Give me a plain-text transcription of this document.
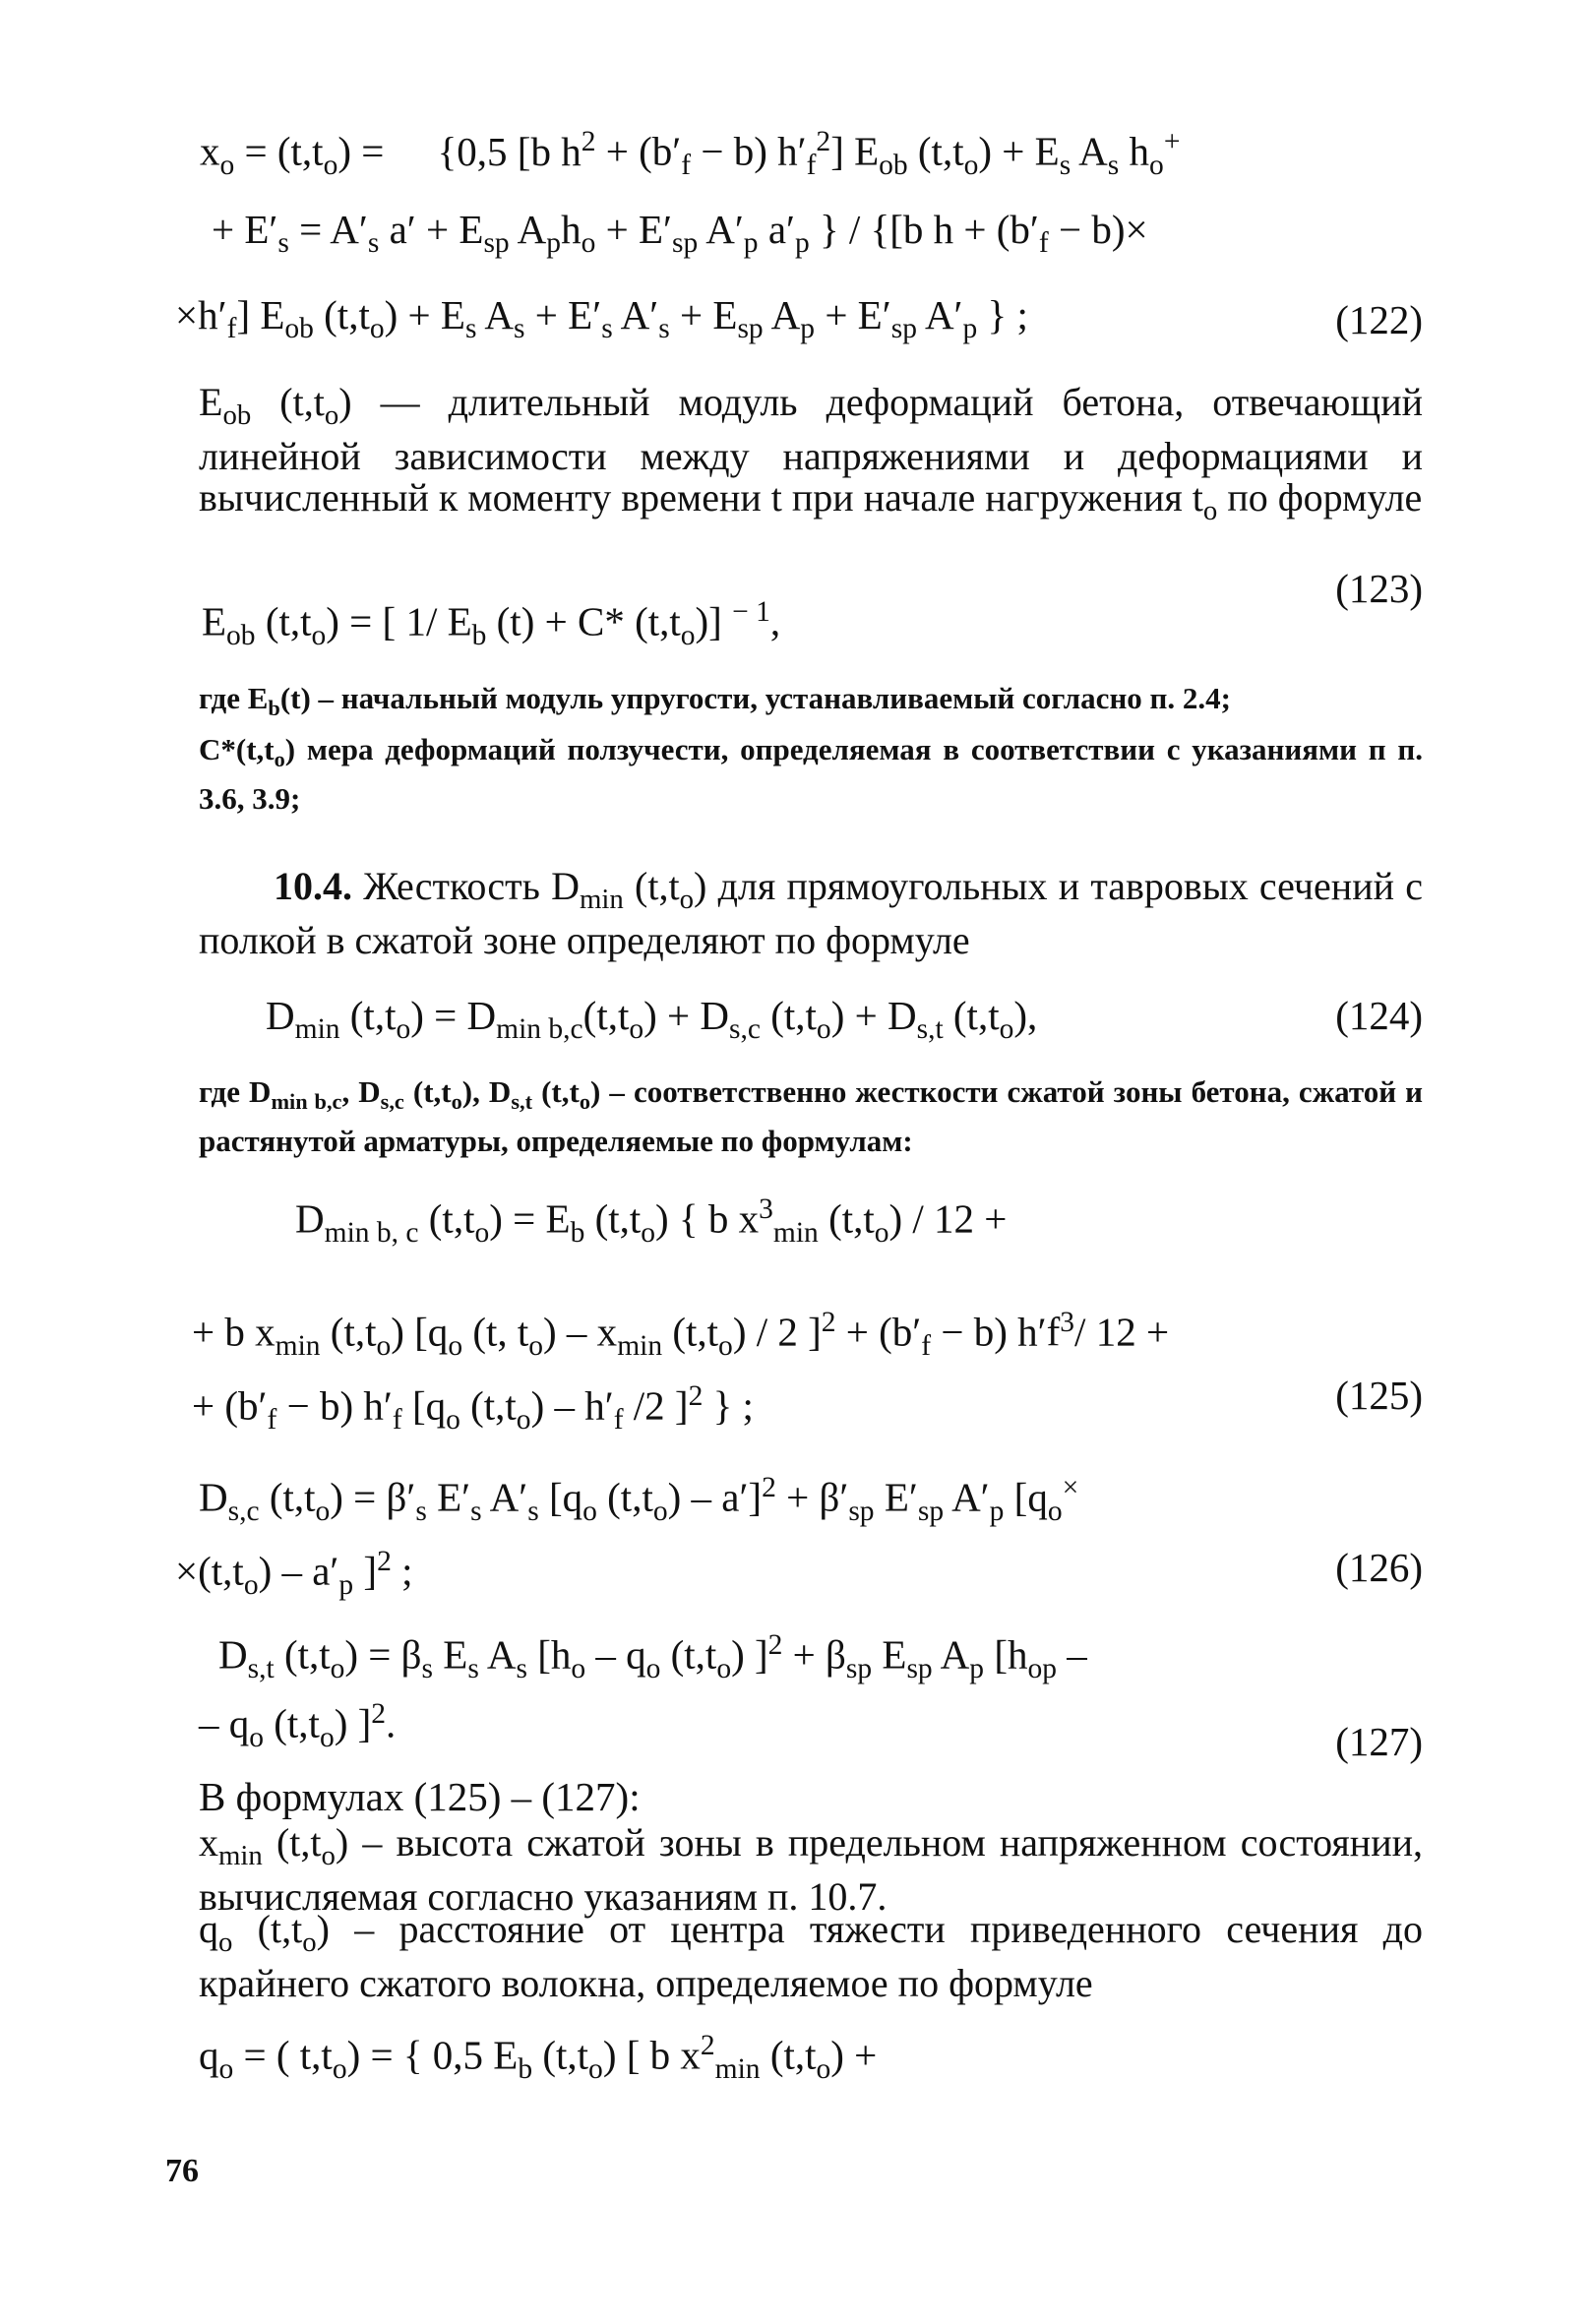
$x_o = (t,t_o) = \{0,5$ [b $h^2 + (b'_f - b)$ $h'_f^2$] $E_{ob}$ $(t,t_o) + E_s$ $A_s$ $h_o^+$
+ $E'_s = A'_s$ $a' + E_{sp}$ $A_ph_o + E'_{sp}$ $A'_p$ $a'_p$ } / {[b $h + (b'_f - b)\times$
$\times h'_f$] $E_{ob}$ $(t,t_o) + E_s$ $A_s + E'_s$ $A'_s + E_{sp}$ $A_p + E'_{sp}$ $A'_p$ } ;	(122)
$E_{ob}$ $(t,t_o)$ — длительный модуль деформаций бетона, отвечающий линейной зависимости между напряжениями и деформациями и вычисленный к моменту времени t при начале нагружения $t_o$ по формуле
$E_{ob}$ $(t,t_o)$ = [ 1/ $E_b$ (t) + C* $(t,t_o)$] $^{- 1}$,
(123)
где $E_b(t)$ – начальный модуль упругости, устанавливаемый согласно п. 2.4;
$C*(t,t_o)$ мера деформаций ползучести, определяемая в соответствии с указаниями п п. 3.6, 3.9;
10.4. Жесткость $D_{min}$ $(t,t_o)$ для прямоугольных и тавровых сечений с полкой в сжатой зоне определяют по формуле
$D_{min}$ $(t,t_o) = D_{min b,c}(t,t_o) + D_{s,c}$ $(t,t_o) + D_{s,t}$ $(t,t_o)$,	(124)
где $D_{min b,c}$, $D_{s,c}$ $(t,t_o)$, $D_{s,t}$ $(t,t_o)$ – соответственно жесткости сжатой зоны бетона, сжатой и растянутой арматуры, определяемые по формулам:
$D_{min b, c}$ $(t,t_o) = E_b$ $(t,t_o)$ { b $x^3_{min}$ $(t,t_o) / 12$ +
+ b $x_{min}$ $(t,t_o)$ [$q_o$ (t, $t_o) - x_{min}$ $(t,t_o) / 2$ ]$^2 + (b'_f - b)$ $h'f^3/$ 12 +
+ $(b'_f - b)$ $h'_f$ [$q_o$ $(t,t_o) - h'_f$ /2 ]$^2$ } ;	(125)
$D_{s,c}$ $(t,t_o) = \beta'_s$ $E'_s$ $A'_s$ [$q_o$ $(t,t_o) - a']^2 + \beta'_{sp}$ $E'_{sp}$ $A'_p$ [$q_o^\times$
$\times(t,t_o) - a'_p$ ]$^2$ ;	(126)
$D_{s,t}$ $(t,t_o) = \beta_s$ $E_s$ $A_s$ [$h_o - q_o$ $(t,t_o) ]^2 + \beta_{sp}$ $E_{sp}$ $A_p$ [$h_{op}$ –
– $q_o$ $(t,t_o)$ ]$^2$.	(127)
В формулах (125) – (127):
$x_{min}$ $(t,t_o)$ – высота сжатой зоны в предельном напряженном состоянии, вычисляемая согласно указаниям п. 10.7.
$q_o$ $(t,t_o)$ – расстояние от центра тяжести приведенного сечения до крайнего сжатого волокна, определяемое по формуле
$q_o$ = ( $t,t_o$) = { 0,5 $E_b$ $(t,t_o)$ [ b $x^2_{min}$ $(t,t_o)$ +
76
